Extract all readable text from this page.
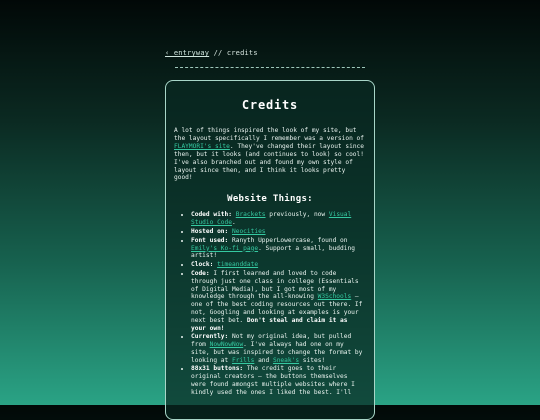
‹ entryway // credits
Credits

A lot of things inspired the look of my site, but the layout specifically I remember was a version of FLAYMORI's site. They've changed their layout since then, but it looks (and continues to look) so cool! I've also branched out and found my own style of layout since then, and I think it looks pretty good!

Website Things:
• Coded with: Brackets previously, now Visual Studio Code.
• Hosted on: Neocities
• Font used: Ranyth UpperLowercase, found on Emily's Ko-fi page. Support a small, budding artist!
• Clock: timeanddate
• Code: I first learned and loved to code through just one class in college (Essentials of Digital Media), but I got most of my knowledge through the all-knowing W3Schools — one of the best coding resources out there. If not, Googling and looking at examples is your next best bet. Don't steal and claim it as your own!
• Currently: Not my original idea, but pulled from NowNowNow. I've always had one on my site, but was inspired to change the format by looking at Frills and Sneak's sites!
• 88x31 buttons: The credit goes to their original creators — the buttons themselves were found amongst multiple websites where I kindly used the ones I liked the best. I'll
